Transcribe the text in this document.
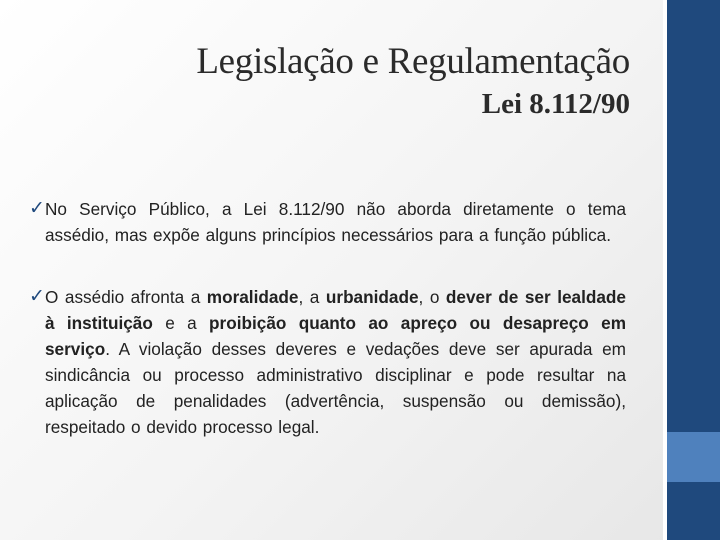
Legislação e Regulamentação
Lei 8.112/90
✓ No Serviço Público, a Lei 8.112/90 não aborda diretamente o tema assédio, mas expõe alguns princípios necessários para a função pública.
✓ O assédio afronta a moralidade, a urbanidade, o dever de ser lealdade à instituição e a proibição quanto ao apreço ou desapreço em serviço. A violação desses deveres e vedações deve ser apurada em sindicância ou processo administrativo disciplinar e pode resultar na aplicação de penalidades (advertência, suspensão ou demissão), respeitado o devido processo legal.
